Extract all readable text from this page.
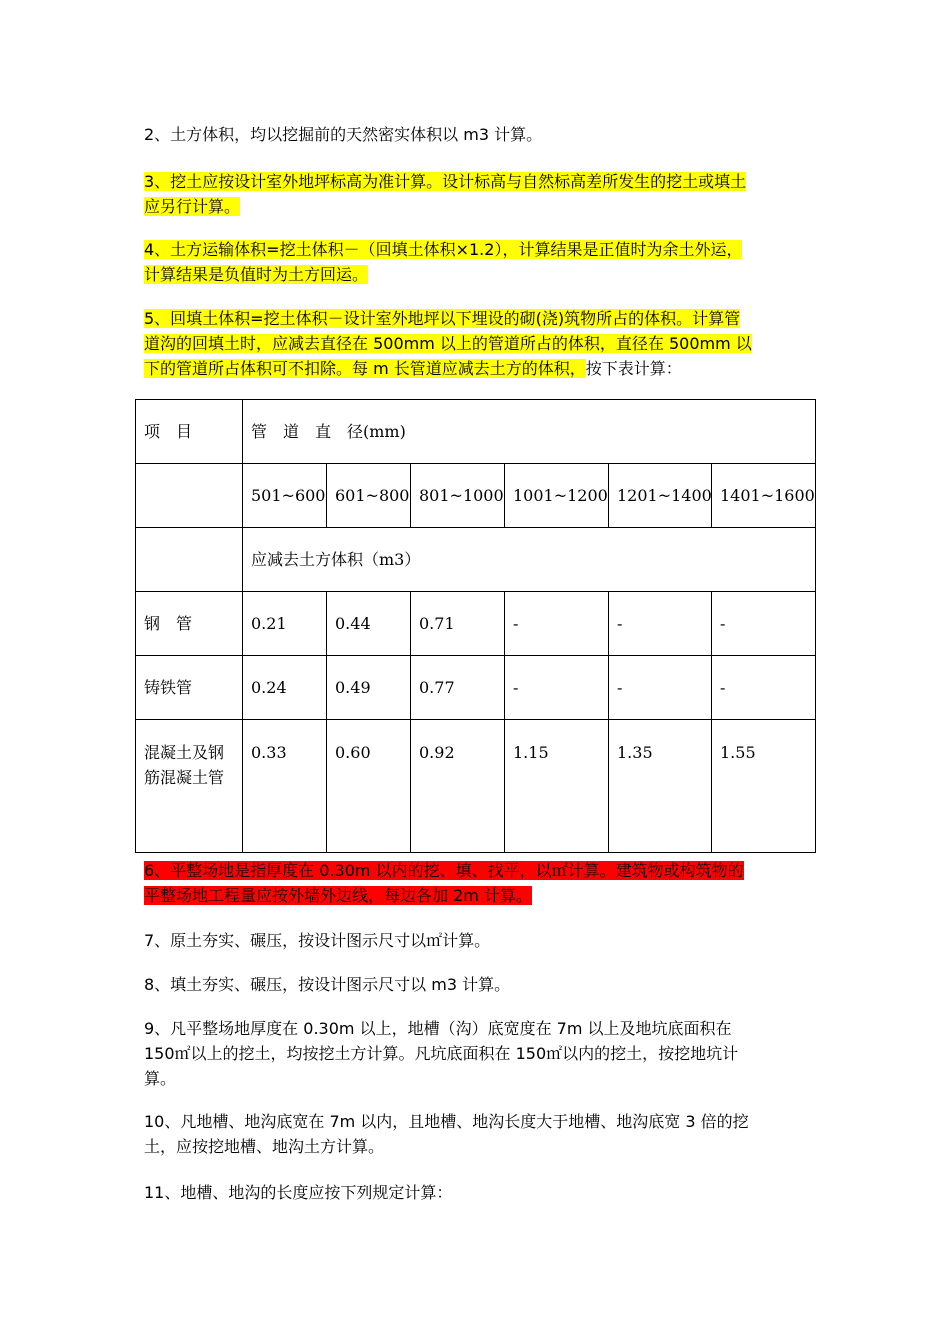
2、土方体积，均以挖掘前的天然密实体积以 m3 计算。
3、挖土应按设计室外地坪标高为准计算。设计标高与自然标高差所发生的挖土或填土
应另行计算。
4、土方运输体积=挖土体积－（回填土体积×1.2），计算结果是正值时为余土外运，
计算结果是负值时为土方回运。
5、回填土体积=挖土体积－设计室外地坪以下埋设的砌(浇)筑物所占的体积。计算管
道沟的回填土时，应减去直径在 500mm 以上的管道所占的体积，直径在 500mm 以
下的管道所占体积可不扣除。每 m 长管道应减去土方的体积，按下表计算：
项　目	管　道　直　径(mm)					
	501~600	601~800	801~1000	1001~1200	1201~1400	1401~1600
	应减去土方体积（m3）					
钢　管	0.21	0.44	0.71	-	-	-
铸铁管	0.24	0.49	0.77	-	-	-
混凝土及钢筋混凝土管	0.33	0.60	0.92	1.15	1.35	1.55
6、平整场地是指厚度在 0.30m 以内的挖、填、找平，以㎡计算。建筑物或构筑物的
平整场地工程量应按外墙外边线，每边各加 2m 计算。
7、原土夯实、碾压，按设计图示尺寸以㎡计算。
8、填土夯实、碾压，按设计图示尺寸以 m3 计算。
9、凡平整场地厚度在 0.30m 以上，地槽（沟）底宽度在 7m 以上及地坑底面积在
150㎡以上的挖土，均按挖土方计算。凡坑底面积在 150㎡以内的挖土，按挖地坑计
算。
10、凡地槽、地沟底宽在 7m 以内，且地槽、地沟长度大于地槽、地沟底宽 3 倍的挖
土，应按挖地槽、地沟土方计算。
11、地槽、地沟的长度应按下列规定计算：
